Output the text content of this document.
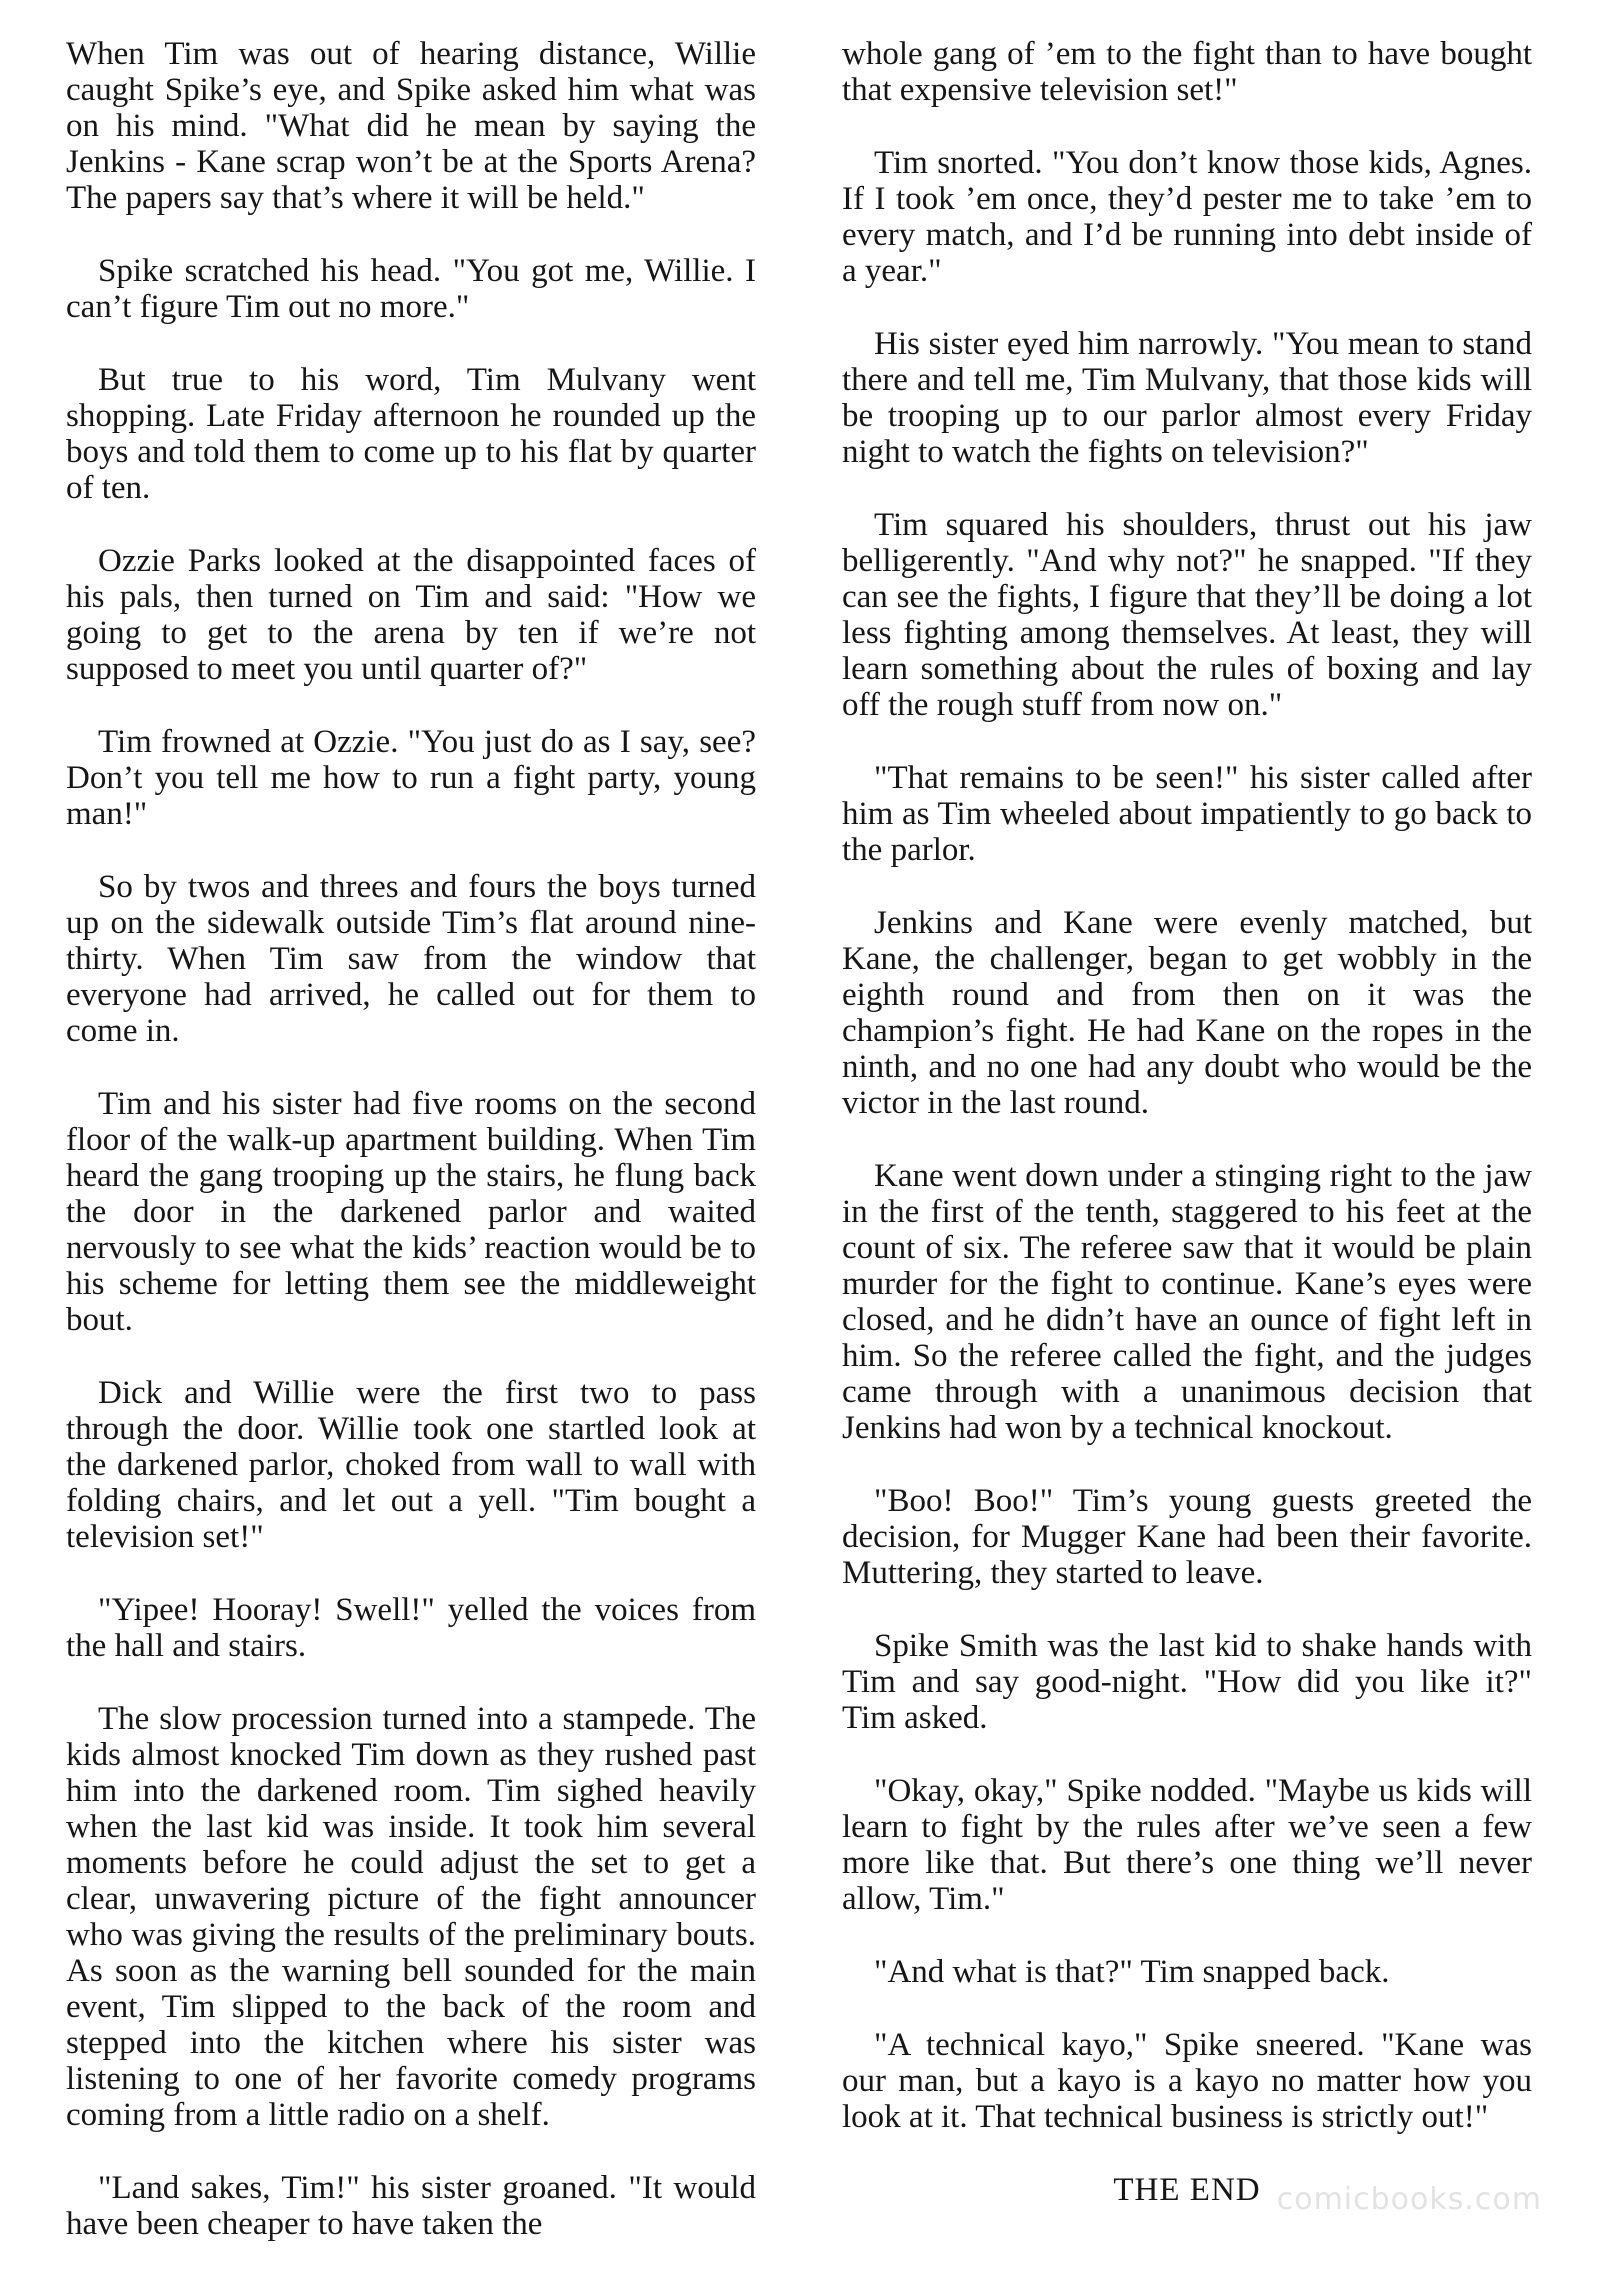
When Tim was out of hearing distance, Willie caught Spike’s eye, and Spike asked him what was on his mind. "What did he mean by saying the Jenkins - Kane scrap won’t be at the Sports Arena? The papers say that’s where it will be held."

Spike scratched his head. "You got me, Willie. I can’t figure Tim out no more."

But true to his word, Tim Mulvany went shopping. Late Friday afternoon he rounded up the boys and told them to come up to his flat by quarter of ten.

Ozzie Parks looked at the disappointed faces of his pals, then turned on Tim and said: "How we going to get to the arena by ten if we’re not supposed to meet you until quarter of?"

Tim frowned at Ozzie. "You just do as I say, see? Don’t you tell me how to run a fight party, young man!"

So by twos and threes and fours the boys turned up on the sidewalk outside Tim’s flat around nine-thirty. When Tim saw from the window that everyone had arrived, he called out for them to come in.

Tim and his sister had five rooms on the second floor of the walk-up apartment building. When Tim heard the gang trooping up the stairs, he flung back the door in the darkened parlor and waited nervously to see what the kids’ reaction would be to his scheme for letting them see the middleweight bout.

Dick and Willie were the first two to pass through the door. Willie took one startled look at the darkened parlor, choked from wall to wall with folding chairs, and let out a yell. "Tim bought a television set!"

"Yipee! Hooray! Swell!" yelled the voices from the hall and stairs.

The slow procession turned into a stampede. The kids almost knocked Tim down as they rushed past him into the darkened room. Tim sighed heavily when the last kid was inside. It took him several moments before he could adjust the set to get a clear, unwavering picture of the fight announcer who was giving the results of the preliminary bouts. As soon as the warning bell sounded for the main event, Tim slipped to the back of the room and stepped into the kitchen where his sister was listening to one of her favorite comedy programs coming from a little radio on a shelf.

"Land sakes, Tim!" his sister groaned. "It would have been cheaper to have taken the

whole gang of ’em to the fight than to have bought that expensive television set!"

Tim snorted. "You don’t know those kids, Agnes. If I took ’em once, they’d pester me to take ’em to every match, and I’d be running into debt inside of a year."

His sister eyed him narrowly. "You mean to stand there and tell me, Tim Mulvany, that those kids will be trooping up to our parlor almost every Friday night to watch the fights on television?"

Tim squared his shoulders, thrust out his jaw belligerently. "And why not?" he snapped. "If they can see the fights, I figure that they’ll be doing a lot less fighting among themselves. At least, they will learn something about the rules of boxing and lay off the rough stuff from now on."

"That remains to be seen!" his sister called after him as Tim wheeled about impatiently to go back to the parlor.

Jenkins and Kane were evenly matched, but Kane, the challenger, began to get wobbly in the eighth round and from then on it was the champion’s fight. He had Kane on the ropes in the ninth, and no one had any doubt who would be the victor in the last round.

Kane went down under a stinging right to the jaw in the first of the tenth, staggered to his feet at the count of six. The referee saw that it would be plain murder for the fight to continue. Kane’s eyes were closed, and he didn’t have an ounce of fight left in him. So the referee called the fight, and the judges came through with a unanimous decision that Jenkins had won by a technical knockout.

"Boo! Boo!" Tim’s young guests greeted the decision, for Mugger Kane had been their favorite. Muttering, they started to leave.

Spike Smith was the last kid to shake hands with Tim and say good-night. "How did you like it?" Tim asked.

"Okay, okay," Spike nodded. "Maybe us kids will learn to fight by the rules after we’ve seen a few more like that. But there’s one thing we’ll never allow, Tim."

"And what is that?" Tim snapped back.

"A technical kayo," Spike sneered. "Kane was our man, but a kayo is a kayo no matter how you look at it. That technical business is strictly out!"

THE END comicbooks.com
